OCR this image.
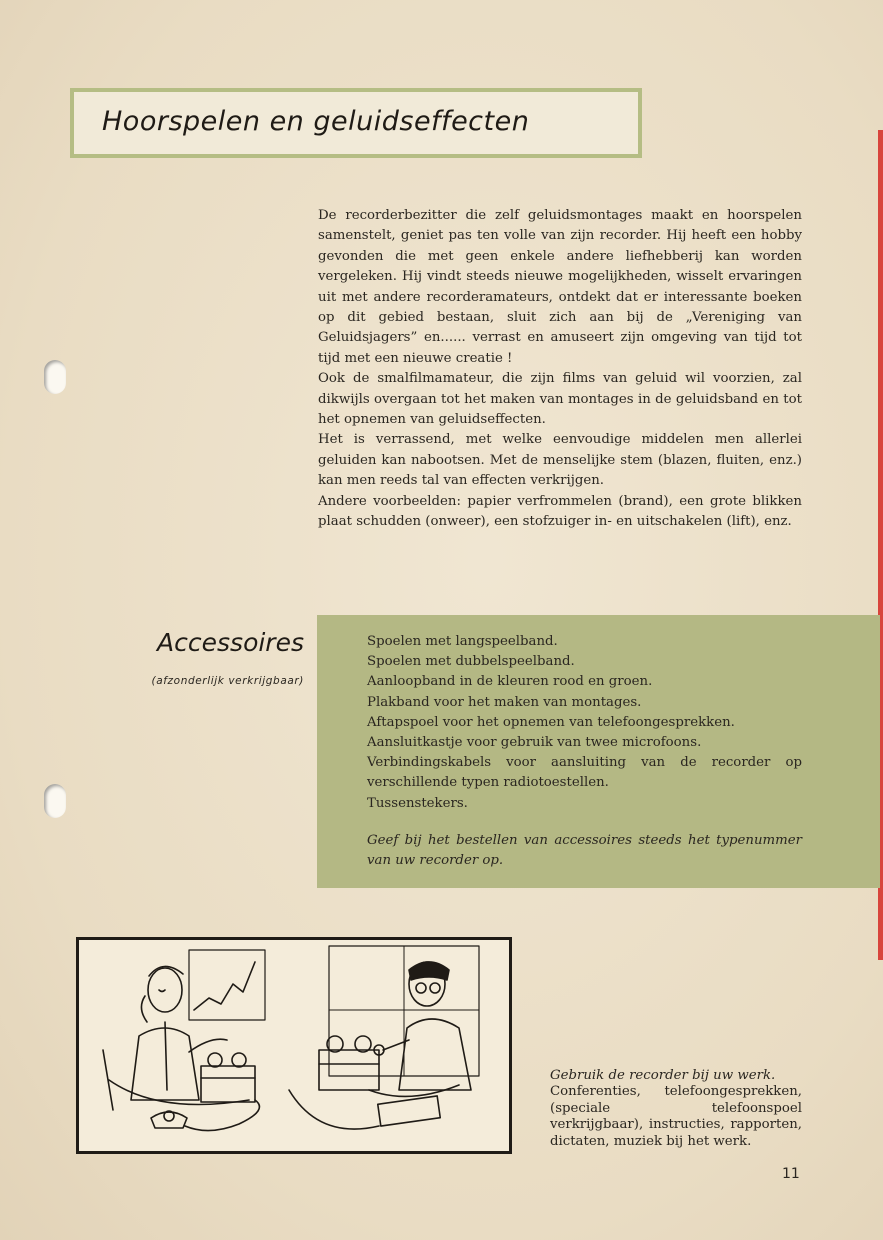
Hoorspelen en geluidseffecten

De recorderbezitter die zelf geluidsmontages maakt en hoorspelen samenstelt, geniet pas ten volle van zijn recorder. Hij heeft een hobby gevonden die met geen enkele andere liefhebberij kan worden vergeleken. Hij vindt steeds nieuwe mogelijkheden, wisselt ervaringen uit met andere recorderamateurs, ontdekt dat er interessante boeken op dit gebied bestaan, sluit zich aan bij de „Vereniging van Geluidsjagers” en...... verrast en amuseert zijn omgeving van tijd tot tijd met een nieuwe creatie !

Ook de smalfilmamateur, die zijn films van geluid wil voorzien, zal dikwijls overgaan tot het maken van montages in de geluidsband en tot het opnemen van geluidseffecten.

Het is verrassend, met welke eenvoudige middelen men allerlei geluiden kan nabootsen. Met de menselijke stem (blazen, fluiten, enz.) kan men reeds tal van effecten verkrijgen.

Andere voorbeelden: papier verfrommelen (brand), een grote blikken plaat schudden (onweer), een stofzuiger in- en uitschakelen (lift), enz.

Accessoires
(afzonderlijk verkrijgbaar)
Spoelen met langspeelband.
Spoelen met dubbelspeelband.
Aanloopband in de kleuren rood en groen.
Plakband voor het maken van montages.
Aftapspoel voor het opnemen van telefoongesprekken.
Aansluitkastje voor gebruik van twee microfoons.
Verbindingskabels voor aansluiting van de recorder op verschillende typen radiotoestellen.
Tussenstekers.
Geef bij het bestellen van accessoires steeds het typenummer van uw recorder op.
Gebruik de recorder bij uw werk.
Conferenties, telefoongesprekken, (speciale telefoonspoel verkrijgbaar), instructies, rapporten, dictaten, muziek bij het werk.
11
